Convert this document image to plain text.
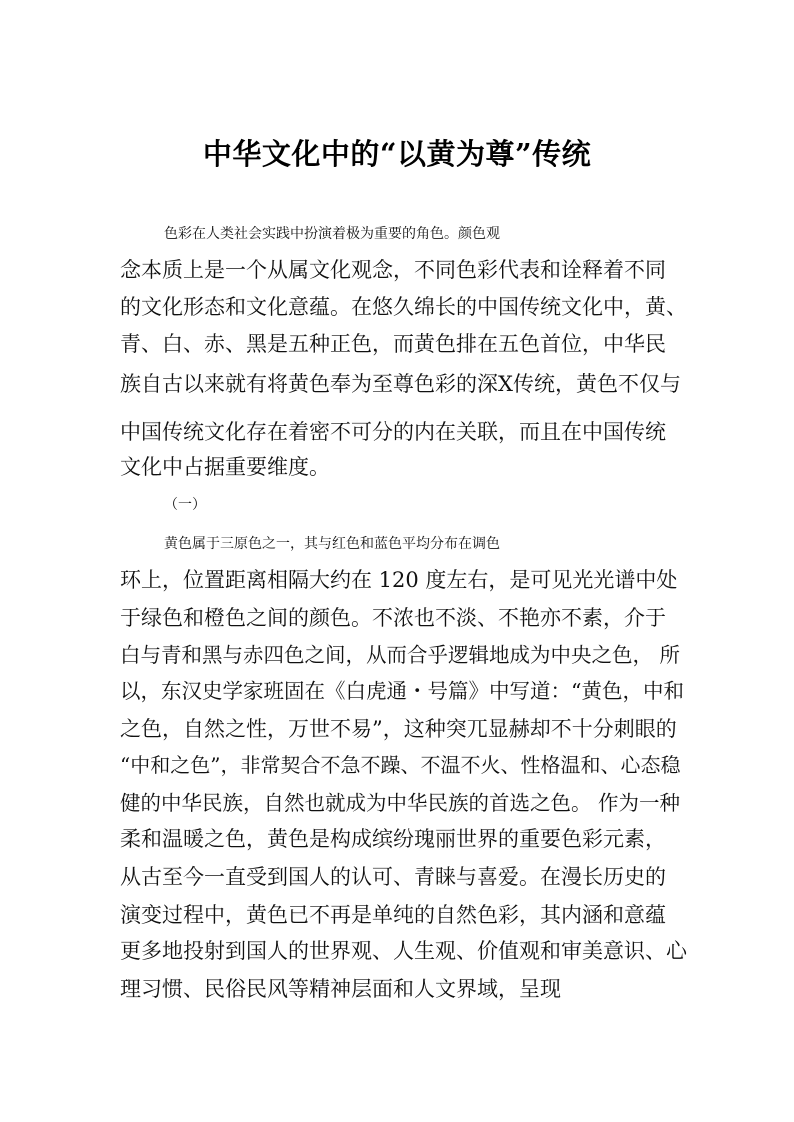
中华文化中的“以黄为尊”传统
色彩在人类社会实践中扮演着极为重要的角色。颜色观
念本质上是一个从属文化观念，不同色彩代表和诠释着不同
的文化形态和文化意蕴。在悠久绵长的中国传统文化中，黄、
青、白、赤、黑是五种正色，而黄色排在五色首位，中华民
族自古以来就有将黄色奉为至尊色彩的深X传统，黄色不仅与
中国传统文化存在着密不可分的内在关联，而且在中国传统
文化中占据重要维度。
（一）
黄色属于三原色之一，其与红色和蓝色平均分布在调色
环上，位置距离相隔大约在 120 度左右，是可见光光谱中处
于绿色和橙色之间的颜色。不浓也不淡、不艳亦不素，介于
白与青和黑与赤四色之间，从而合乎逻辑地成为中央之色， 所
以，东汉史学家班固在《白虎通・号篇》中写道：“黄色，中和
之色，自然之性，万世不易”，这种突兀显赫却不十分刺眼的
“中和之色”，非常契合不急不躁、不温不火、性格温和、心态稳
健的中华民族，自然也就成为中华民族的首选之色。 作为一种
柔和温暖之色，黄色是构成缤纷瑰丽世界的重要色彩元素，
从古至今一直受到国人的认可、青睐与喜爱。在漫长历史的
演变过程中，黄色已不再是单纯的自然色彩，其内涵和意蕴
更多地投射到国人的世界观、人生观、价值观和审美意识、心
理习惯、民俗民风等精神层面和人文界域，呈现
